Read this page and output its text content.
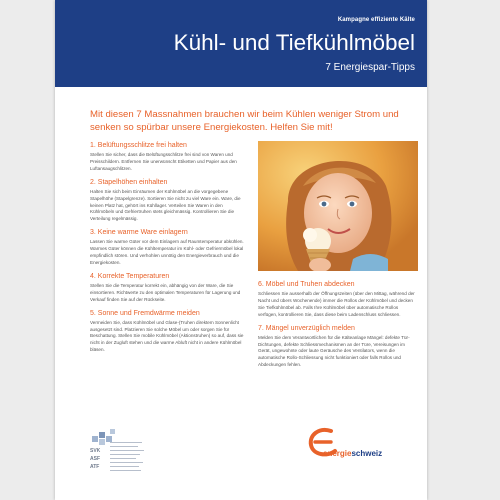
Kampagne effiziente Kälte
Kühl- und Tiefkühlmöbel
7 Energiespar-Tipps
Mit diesen 7 Massnahmen brauchen wir beim Kühlen weniger Strom und senken so spürbar unsere Energiekosten. Helfen Sie mit!

1. Belüftungsschlitze frei halten

Stellen Sie sicher, dass die Belüftungsschlitze frei sind von Waren und Preisschildern. Entfernen Sie unerwünscht Etiketten und Papier aus den Luftansaugschlitzen.

2. Stapelhöhen einhalten

Halten Sie sich beim Einräumen der Kühlmöbel an die vorgegebene Stapelhöhe (Stapelgrenze). Sortieren Sie nicht zu viel Ware ein. Ware, die keinen Platz hat, gehört ins Kühllager. Verteilen Sie Waren in den Kühlmöbeln und Gefriertruhen stets gleichmässig. Kontrollieren Sie die Verteilung regelmässig.

3. Keine warme Ware einlagern

Lassen Sie warme Güter vor dem Einlagern auf Raumtemperatur abkühlen. Warmes Güter können die Kühltemperatur im Kühl- oder Gefriermöbel lokal empfindlich stören. Und verhohlen unnötig den Energieverbrauch und die Energiekosten.

4. Korrekte Temperaturen

Stellen Sie die Temperatur korrekt ein, abhängig von der Ware, die Sie einsortieren. Richtwerte zu den optimalen Temperaturen für Lagerung und Verkauf finden Sie auf der Rückseite.

5. Sonne und Fremdwärme meiden

Vermeiden Sie, dass Kühlmöbel und Glase-(Truhen direktem Sonnenlicht ausgesetzt sind. Platzieren Sie solche Möbel um oder sorgen Sie für Beschattung. Stellen Sie mobile Kühlmöbel (Aktionstruhen) so auf, dass sie nicht in der Zugluft stehen und die warme Abluft nicht in andere Kühlmöbel bläsen.

6. Möbel und Truhen abdecken

Schliessen Sie ausserhalb der Öffnungszeiten (über den Mittag, während der Nacht und übers Wochenende) immer die Rollos der Kühlmöbel und decken Sie Tiefkühlmöbel ab. Falls Ihre Kühlmöbel über automatische Rollos verfügen, kontrollieren Sie, dass diese beim Ladenschluss schliessen.

7. Mängel unverzüglich melden

Melden Sie dem Verantwortlichen für die Kälteanlage Mängel: defekte Tür-Dichtungen, defekte Schliessmechanismen an der Türe, Vereisungen im Gerät, ungewohnte oder laute Geräusche des Ventilators, wenn die automatische Rollo-Schliessung nicht funktioniert oder falls Rollos und Abdeckungen fehlen.

energieschweiz
SVK
ASF
ATF
